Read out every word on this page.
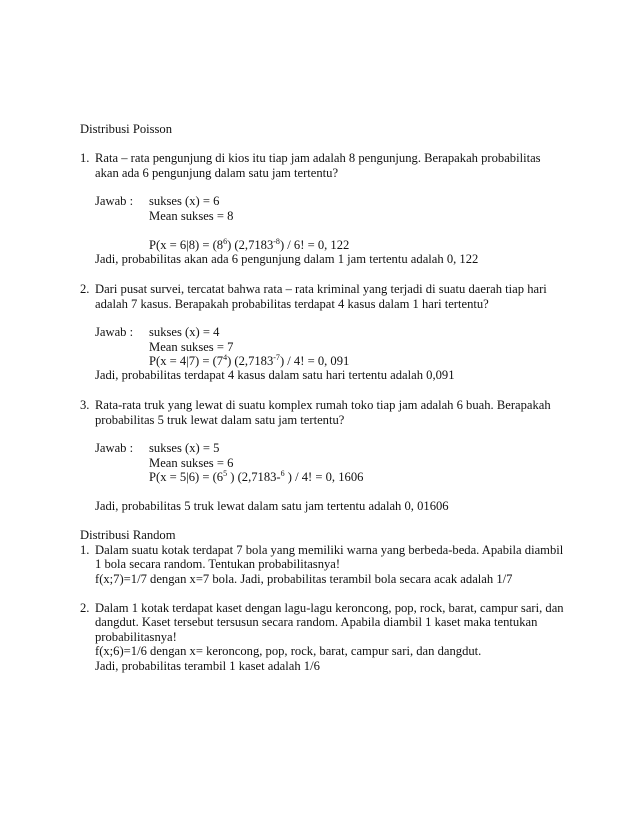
Distribusi Poisson
1. Rata – rata pengunjung di kios itu tiap jam adalah 8 pengunjung. Berapakah probabilitas
akan ada 6 pengunjung dalam satu jam tertentu?
Jawab : sukses (x) = 6
Mean sukses = 8
$P(x = 6|8) = (8^6)$ $(2,7183^{-8}) / 6$! = 0, 122
Jadi, probabilitas akan ada 6 pengunjung dalam 1 jam tertentu adalah 0, 122
2. Dari pusat survei, tercatat bahwa rata – rata kriminal yang terjadi di suatu daerah tiap hari
adalah 7 kasus. Berapakah probabilitas terdapat 4 kasus dalam 1 hari tertentu?
Jawab : sukses (x) = 4
Mean sukses = 7
$P(x = 4|7) = (7^4)$ $(2,7183^{-7}) / 4$! = 0, 091
Jadi, probabilitas terdapat 4 kasus dalam satu hari tertentu adalah 0,091
3. Rata-rata truk yang lewat di suatu komplex rumah toko tiap jam adalah 6 buah. Berapakah
probabilitas 5 truk lewat dalam satu jam tertentu?
Jawab : sukses (x) = 5
Mean sukses = 6
$P(x = 5|6) = (6^5$ ) (2,7183-$^6$ ) / 4! = 0, 1606
Jadi, probabilitas 5 truk lewat dalam satu jam tertentu adalah 0, 01606
Distribusi Random
1. Dalam suatu kotak terdapat 7 bola yang memiliki warna yang berbeda-beda. Apabila diambil
1 bola secara random. Tentukan probabilitasnya!
f(x;7)=1/7 dengan x=7 bola. Jadi, probabilitas terambil bola secara acak adalah 1/7
2. Dalam 1 kotak terdapat kaset dengan lagu-lagu keroncong, pop, rock, barat, campur sari, dan
dangdut. Kaset tersebut tersusun secara random. Apabila diambil 1 kaset maka tentukan
probabilitasnya!
f(x;6)=1/6 dengan x= keroncong, pop, rock, barat, campur sari, dan dangdut.
Jadi, probabilitas terambil 1 kaset adalah 1/6
